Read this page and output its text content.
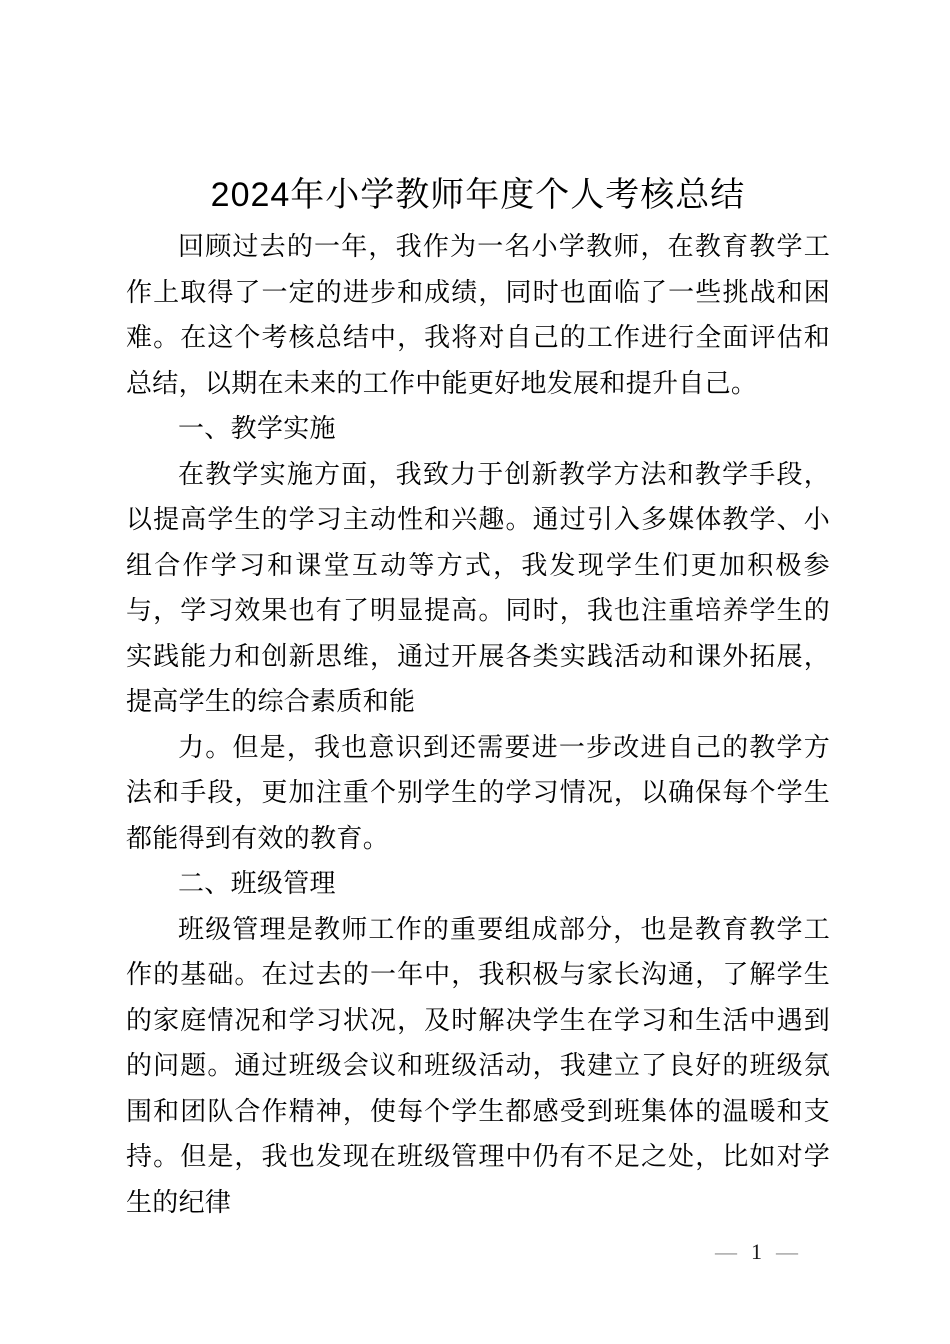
2024年小学教师年度个人考核总结

回顾过去的一年，我作为一名小学教师，在教育教学工作上取得了一定的进步和成绩，同时也面临了一些挑战和困难。在这个考核总结中，我将对自己的工作进行全面评估和总结，以期在未来的工作中能更好地发展和提升自己。

一、教学实施

在教学实施方面，我致力于创新教学方法和教学手段，以提高学生的学习主动性和兴趣。通过引入多媒体教学、小组合作学习和课堂互动等方式，我发现学生们更加积极参与，学习效果也有了明显提高。同时，我也注重培养学生的实践能力和创新思维，通过开展各类实践活动和课外拓展，提高学生的综合素质和能

力。但是，我也意识到还需要进一步改进自己的教学方法和手段，更加注重个别学生的学习情况，以确保每个学生都能得到有效的教育。

二、班级管理

班级管理是教师工作的重要组成部分，也是教育教学工作的基础。在过去的一年中，我积极与家长沟通，了解学生的家庭情况和学习状况，及时解决学生在学习和生活中遇到的问题。通过班级会议和班级活动，我建立了良好的班级氛围和团队合作精神，使每个学生都感受到班集体的温暖和支持。但是，我也发现在班级管理中仍有不足之处，比如对学生的纪律

— 1 —
